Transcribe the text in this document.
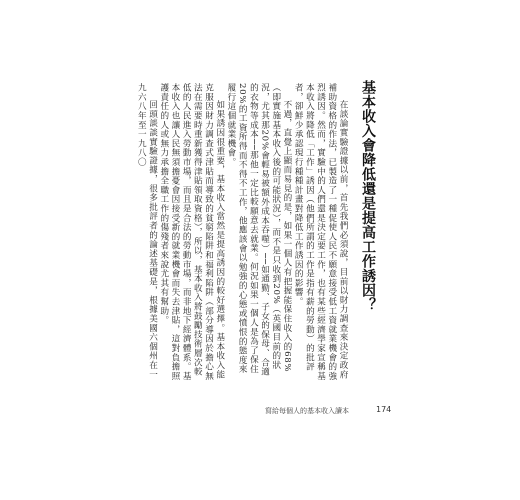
基本收入會降低還是提高工作誘因？

在談論實驗證據以前，首先我們必須說，目前以財力調查來決定政府補助資格的作法，已製造了一種促使人民不願意接受低工資就業機會的強烈誘因。然而，實驗中的人們還是決定要工作，也有某些經濟學家宣稱基本收入將降低「工作」誘因（他們所謂的工作是指有薪的勞動）的批評者，卻鮮少承認現行種種計畫對降低工作誘因的影響。

不過，直覺上顯而易見的是，如果一個人有把握能保住收入的68%（即實施基本收入後的可能狀況），而不是只收到20%（英國目前的狀況，尤其那20%會輕易被額外成本吞噬）──如通勤、子女的保母、合適的衣物等成本──那他一定比較願意去就業。何況如果一個人是為了保住20%的工資所得而不得不工作，他應該會以勉強的心態或憤恨的態度來履行這個就業機會。

如果誘因很重要，基本收入當然是提高誘因的較好選擇。基本收入能克服因財力調查式津貼而導致的貧窮陷阱和福利陷阱（部分導因於擔心無法在需要時重新獲得津貼領取資格），所以，基本收入將鼓勵技術層次較低的人民進入勞動市場，而且是合法的勞動市場，而非地下經濟體系。基本收入也讓人民無須擔憂會因接受新的就業機會而失去津貼，這對負擔照護責任的人或無力承擔全職工作的傷殘者來說尤其有幫助。

回頭談談實驗證據，很多批評者的論述基礎是，根據美國六個州在一九六八年至一九八〇

寫給每個人的基本收入讀本	174
